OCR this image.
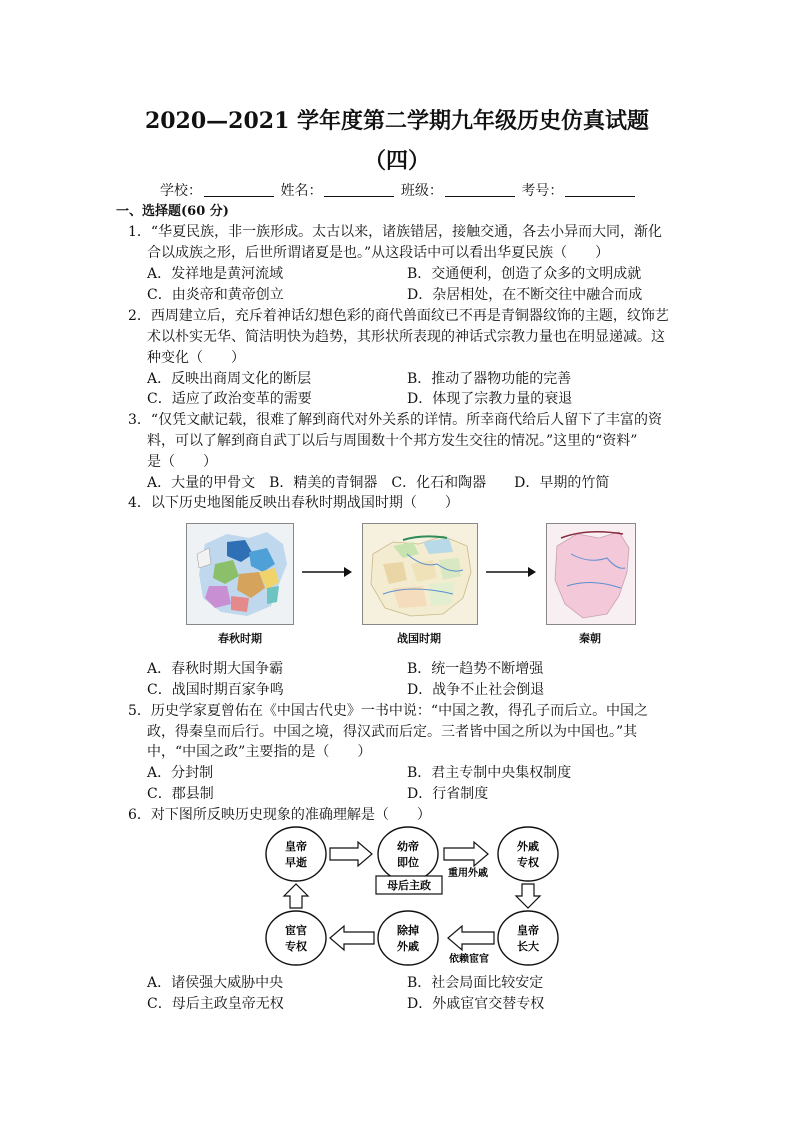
2020—2021 学年度第二学期九年级历史仿真试题
（四）
学校：	姓名：	班级：	考号：
一、选择题(60 分)
1．“华夏民族，非一族形成。太古以来，诸族错居，接触交通，各去小异而大同，渐化
合以成族之形，后世所谓诸夏是也。”从这段话中可以看出华夏民族（　　）
A．发祥地是黄河流域	B．交通便利，创造了众多的文明成就
C．由炎帝和黄帝创立	D．杂居相处，在不断交往中融合而成
2．西周建立后，充斥着神话幻想色彩的商代兽面纹已不再是青铜器纹饰的主题，纹饰艺
术以朴实无华、简洁明快为趋势，其形状所表现的神话式宗教力量也在明显递减。这
种变化（　　）
A．反映出商周文化的断层	B．推动了器物功能的完善
C．适应了政治变革的需要	D．体现了宗教力量的衰退
3．“仅凭文献记载，很难了解到商代对外关系的详情。所幸商代给后人留下了丰富的资
料，可以了解到商自武丁以后与周围数十个邦方发生交往的情况。”这里的“资料”
是（　　）
A．大量的甲骨文　B．精美的青铜器　C．化石和陶器　　D．早期的竹简
4．以下历史地图能反映出春秋时期战国时期（　　）
春秋时期	战国时期	秦朝
A．春秋时期大国争霸	B．统一趋势不断增强
C．战国时期百家争鸣	D．战争不止社会倒退
5．历史学家夏曾佑在《中国古代史》一书中说：“中国之教，得孔子而后立。中国之
政，得秦皇而后行。中国之境，得汉武而后定。三者皆中国之所以为中国也。”其
中，“中国之政”主要指的是（　　）
A．分封制	B．君主专制中央集权制度
C．郡县制	D．行省制度
6．对下图所反映历史现象的准确理解是（　　）
皇帝
早逝
幼帝
即位
外戚
专权
皇帝
长大
除掉
外戚
宦官
专权
母后主政
重用外戚
依赖宦官
A．诸侯强大威胁中央	B．社会局面比较安定
C．母后主政皇帝无权	D．外戚宦官交替专权
